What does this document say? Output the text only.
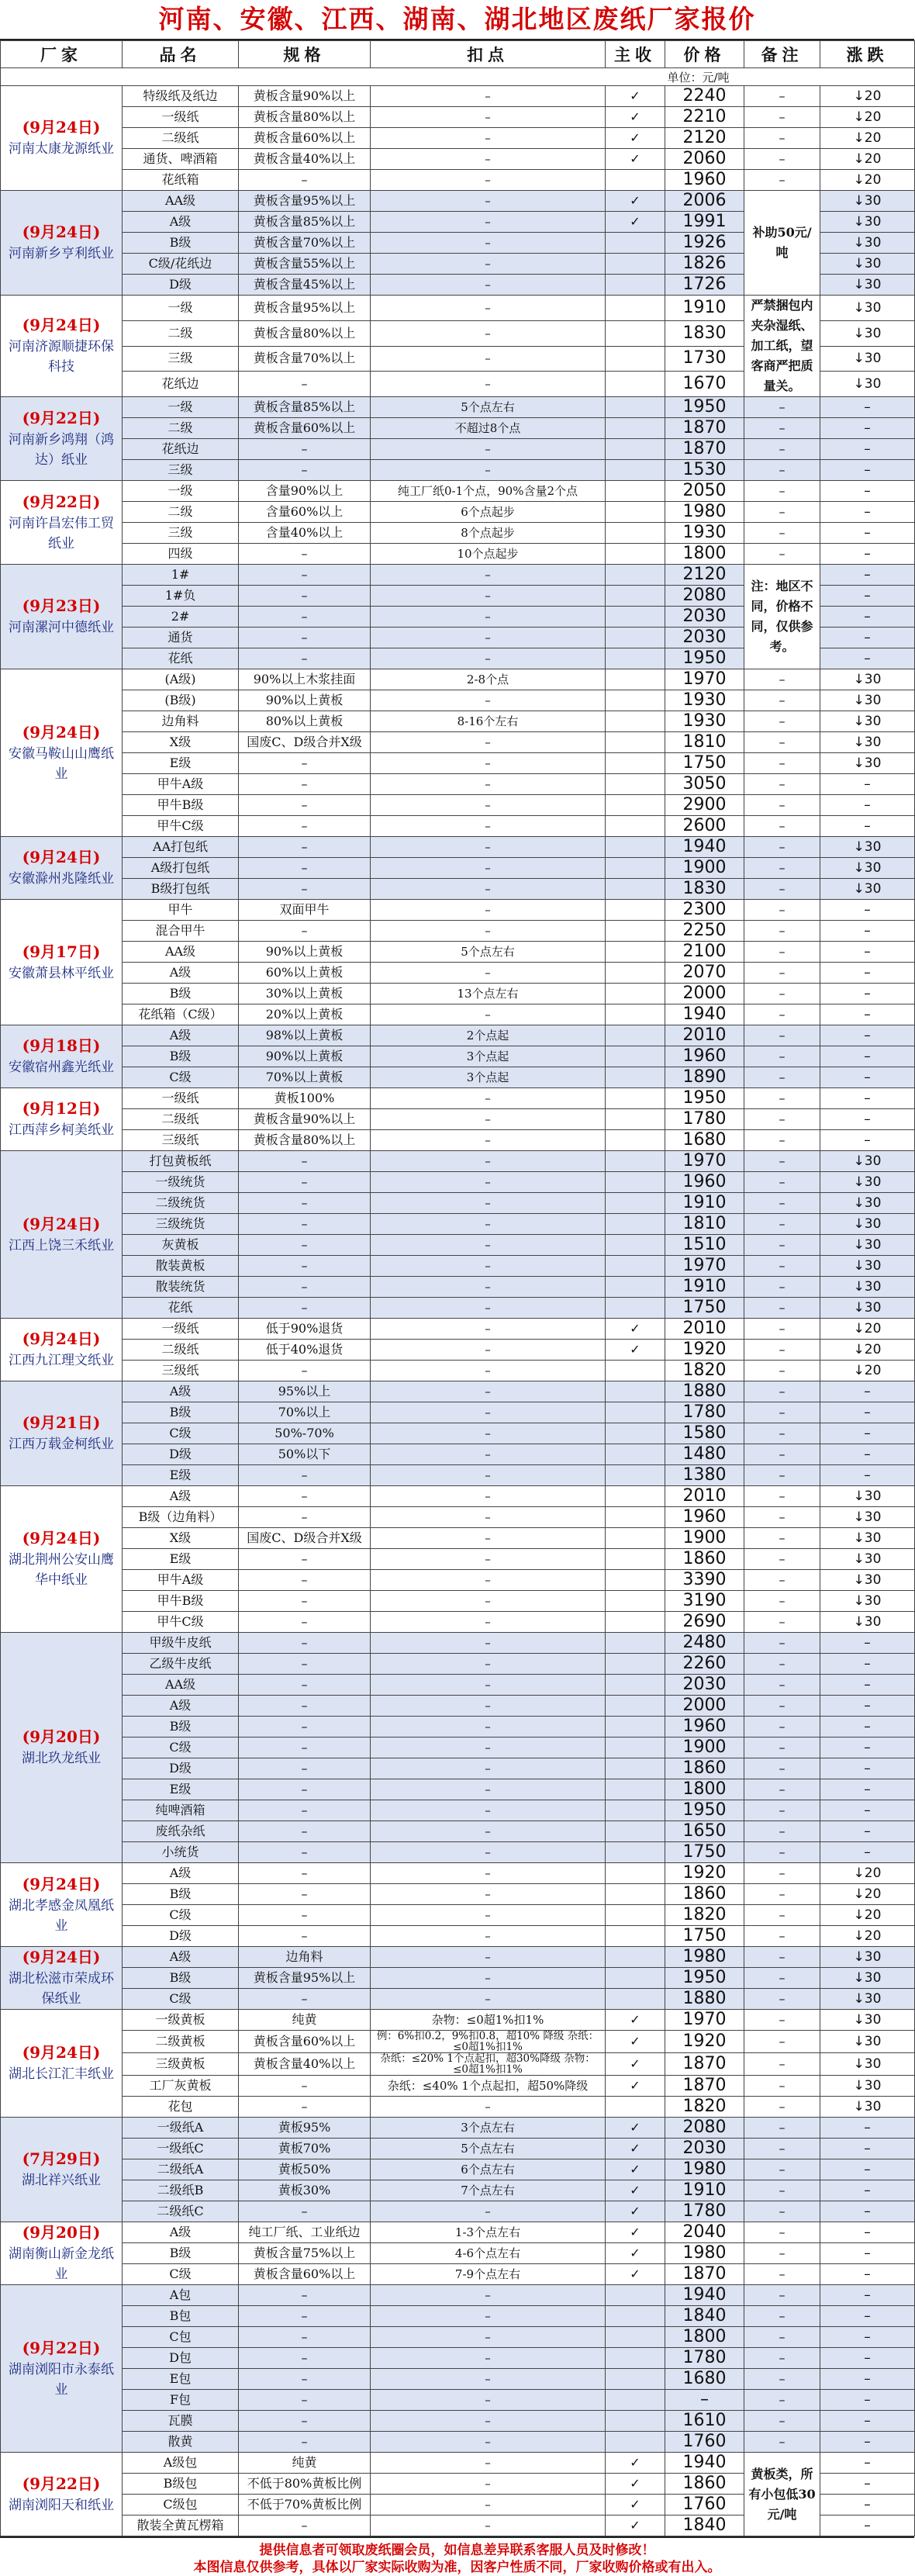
河南、安徽、江西、湖南、湖北地区废纸厂家报价
厂家	品名	规格	扣点	主收	价格	备注	涨跌
					单位：元/吨		

(9月24日)
河南太康龙源纸业	特级纸及纸边	黄板含量90%以上	–	✓	2240	–	↓20
	一级纸	黄板含量80%以上	–	✓	2210	–	↓20
	二级纸	黄板含量60%以上	–	✓	2120	–	↓20
	通货、啤酒箱	黄板含量40%以上	–	✓	2060	–	↓20
	花纸箱	–	–		1960	–	↓20

(9月24日)
河南新乡亨利纸业	AA级	黄板含量95%以上	–	✓	2006	补助50元/吨	↓30
	A级	黄板含量85%以上	–	✓	1991		↓30
	B级	黄板含量70%以上	–		1926		↓30
	C级/花纸边	黄板含量55%以上	–		1826		↓30
	D级	黄板含量45%以上	–		1726		↓30

(9月24日)
河南济源顺捷环保科技	一级	黄板含量95%以上	–		1910	严禁捆包内夹杂湿纸、加工纸，望客商严把质量关。	↓30
	二级	黄板含量80%以上	–		1830		↓30
	三级	黄板含量70%以上	–		1730		↓30
	花纸边	–	–		1670		↓30

(9月22日)
河南新乡鸿翔（鸿达）纸业	一级	黄板含量85%以上	5个点左右		1950	–	–
	二级	黄板含量60%以上	不超过8个点		1870	–	–
	花纸边	–	–		1870	–	–
	三级	–	–		1530	–	–

(9月22日)
河南许昌宏伟工贸纸业	一级	含量90%以上	纯工厂纸0-1个点，90%含量2个点		2050	–	–
	二级	含量60%以上	6个点起步		1980	–	–
	三级	含量40%以上	8个点起步		1930	–	–
	四级	–	10个点起步		1800	–	–

(9月23日)
河南漯河中德纸业	1#	–	–		2120	注：地区不同，价格不同，仅供参考。	–
	1#负	–	–		2080		–
	2#	–	–		2030		–
	通货	–	–		2030		–
	花纸	–	–		1950		–

(9月24日)
安徽马鞍山山鹰纸业	(A级)	90%以上木浆挂面	2-8个点		1970	–	↓30
	(B级)	90%以上黄板	–		1930	–	↓30
	边角料	80%以上黄板	8-16个左右		1930	–	↓30
	X级	国废C、D级合并X级	–		1810	–	↓30
	E级	–	–		1750	–	↓30
	甲牛A级	–	–		3050	–	–
	甲牛B级	–	–		2900	–	–
	甲牛C级	–	–		2600	–	–

(9月24日)
安徽滁州兆隆纸业	AA打包纸	–	–		1940	–	↓30
	A级打包纸	–	–		1900	–	↓30
	B级打包纸	–	–		1830	–	↓30

(9月17日)
安徽萧县林平纸业	甲牛	双面甲牛	–		2300	–	–
	混合甲牛	–	–		2250	–	–
	AA级	90%以上黄板	5个点左右		2100	–	–
	A级	60%以上黄板	–		2070	–	–
	B级	30%以上黄板	13个点左右		2000	–	–
	花纸箱（C级）	20%以上黄板	–		1940	–	–

(9月18日)
安徽宿州鑫光纸业	A级	98%以上黄板	2个点起		2010	–	–
	B级	90%以上黄板	3个点起		1960	–	–
	C级	70%以上黄板	3个点起		1890	–	–

(9月12日)
江西萍乡柯美纸业	一级纸	黄板100%	–		1950	–	–
	二级纸	黄板含量90%以上	–		1780	–	–
	三级纸	黄板含量80%以上	–		1680	–	–

(9月24日)
江西上饶三禾纸业	打包黄板纸	–	–		1970	–	↓30
	一级统货	–	–		1960	–	↓30
	二级统货	–	–		1910	–	↓30
	三级统货	–	–		1810	–	↓30
	灰黄板	–	–		1510	–	↓30
	散装黄板	–	–		1970	–	↓30
	散装统货	–	–		1910	–	↓30
	花纸	–	–		1750	–	↓30

(9月24日)
江西九江理文纸业	一级纸	低于90%退货	–	✓	2010	–	↓20
	二级纸	低于40%退货	–	✓	1920	–	↓20
	三级纸	–	–		1820	–	↓20

(9月21日)
江西万载金柯纸业	A级	95%以上	–		1880	–	–
	B级	70%以上	–		1780	–	–
	C级	50%-70%	–		1580	–	–
	D级	50%以下	–		1480	–	–
	E级	–	–		1380	–	–

(9月24日)
湖北荆州公安山鹰华中纸业	A级	–	–		2010	–	↓30
	B级（边角料）	–	–		1960	–	↓30
	X级	国废C、D级合并X级	–		1900	–	↓30
	E级	–	–		1860	–	↓30
	甲牛A级	–	–		3390	–	↓30
	甲牛B级	–	–		3190	–	↓30
	甲牛C级	–	–		2690	–	↓30

(9月20日)
湖北玖龙纸业	甲级牛皮纸	–	–		2480	–	–
	乙级牛皮纸	–	–		2260	–	–
	AA级	–	–		2030	–	–
	A级	–	–		2000	–	–
	B级	–	–		1960	–	–
	C级	–	–		1900	–	–
	D级	–	–		1860	–	–
	E级	–	–		1800	–	–
	纯啤酒箱	–	–		1950	–	–
	废纸杂纸	–	–		1650	–	–
	小统货	–	–		1750	–	–

(9月24日)
湖北孝感金凤凰纸业	A级	–	–		1920	–	↓20
	B级	–	–		1860	–	↓20
	C级	–	–		1820	–	↓20
	D级	–	–		1750	–	↓20

(9月24日)
湖北松滋市荣成环保纸业	A级	边角料	–		1980	–	↓30
	B级	黄板含量95%以上	–		1950	–	↓30
	C级	–	–		1880	–	↓30

(9月24日)
湖北长江汇丰纸业	一级黄板	纯黄	杂物：≤0超1%扣1%	✓	1970	–	↓30
	二级黄板	黄板含量60%以上	例：6%扣0.2，9%扣0.8，超10% 降级 杂纸：≤0超1%扣1%	✓	1920	–	↓30
	三级黄板	黄板含量40%以上	杂纸：≤20% 1个点起扣，超30%降级 杂物：≤0超1%扣1%	✓	1870	–	↓30
	工厂灰黄板	–	杂纸：≤40% 1个点起扣，超50%降级	✓	1870	–	↓30
	花包	–	–		1820	–	↓30

(7月29日)
湖北祥兴纸业	一级纸A	黄板95%	3个点左右	✓	2080	–	–
	一级纸C	黄板70%	5个点左右	✓	2030	–	–
	二级纸A	黄板50%	6个点左右	✓	1980	–	–
	二级纸B	黄板30%	7个点左右	✓	1910	–	–
	二级纸C	–	–	✓	1780	–	–

(9月20日)
湖南衡山新金龙纸业	A级	纯工厂纸、工业纸边	1-3个点左右	✓	2040	–	–
	B级	黄板含量75%以上	4-6个点左右	✓	1980	–	–
	C级	黄板含量60%以上	7-9个点左右	✓	1870	–	–

(9月22日)
湖南浏阳市永泰纸业	A包	–	–		1940	–	–
	B包	–	–		1840	–	–
	C包	–	–		1800	–	–
	D包	–	–		1780	–	–
	E包	–	–		1680	–	–
	F包	–	–		–	–	–
	瓦膜	–	–		1610	–	–
	散黄	–	–		1760	–	–

(9月22日)
湖南浏阳天和纸业	A级包	纯黄	–	✓	1940	黄板类，所有小包低30元/吨	–
	B级包	不低于80%黄板比例	–	✓	1860		–
	C级包	不低于70%黄板比例	–	✓	1760		–
	散装全黄瓦楞箱	–	–	✓	1840		–
提供信息者可领取废纸圈会员，如信息差异联系客服人员及时修改！
本图信息仅供参考，具体以厂家实际收购为准，因客户性质不同，厂家收购价格或有出入。
